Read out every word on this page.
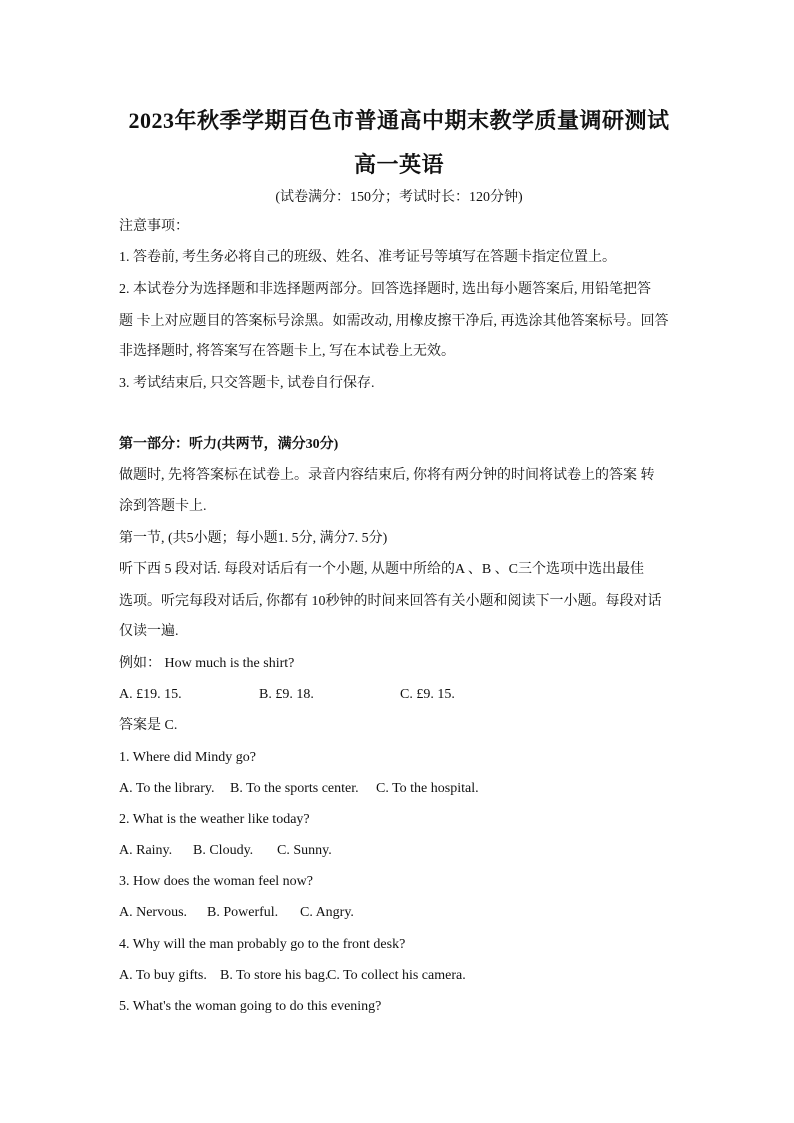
2023年秋季学期百色市普通高中期末教学质量调研测试
高一英语
(试卷满分：150分；考试时长：120分钟)
注意事项：
1. 答卷前, 考生务必将自己的班级、姓名、准考证号等填写在答题卡指定位置上。
2. 本试卷分为选择题和非选择题两部分。回答选择题时, 选出每小题答案后, 用铅笔把答
题 卡上对应题目的答案标号涂黑。如需改动, 用橡皮擦干净后, 再选涂其他答案标号。回答
非选择题时, 将答案写在答题卡上, 写在本试卷上无效。
3. 考试结束后, 只交答题卡, 试卷自行保存.
第一部分：听力(共两节，满分30分)
做题时, 先将答案标在试卷上。录音内容结束后, 你将有两分钟的时间将试卷上的答案 转
涂到答题卡上.
第一节, (共5小题；每小题1. 5分, 满分7. 5分)
听下西 5 段对话. 每段对话后有一个小题, 从题中所给的A 、B 、C三个选项中选出最佳
选项。听完每段对话后, 你都有 10秒钟的时间来回答有关小题和阅读下一小题。每段对话
仅读一遍.
例如： How much is the shirt?
A. £19. 15.	B. £9. 18.	C. £9. 15.
答案是 C.
1. Where did Mindy go?
A. To the library. B. To the sports center. C. To the hospital.
2. What is the weather like today?
A. Rainy. B. Cloudy. C. Sunny.
3. How does the woman feel now?
A. Nervous. B. Powerful. C. Angry.
4. Why will the man probably go to the front desk?
A. To buy gifts. B. To store his bag.C. To collect his camera.
5. What's the woman going to do this evening?
